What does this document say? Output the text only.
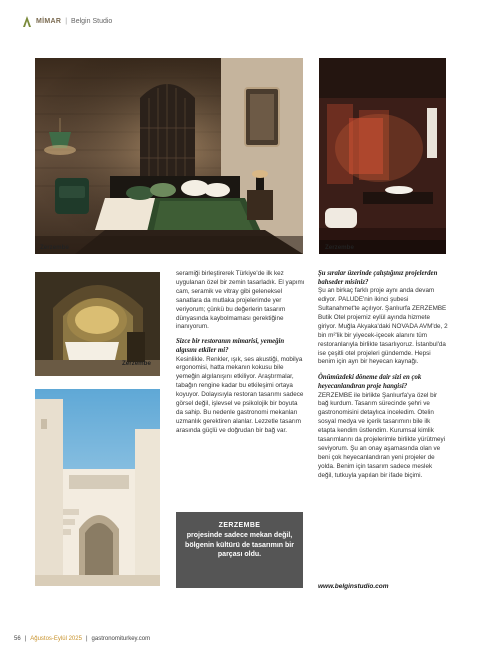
MİMAR | Belgin Studio
Zerzembe	Zerzembe
Zerzembe

seramiği birleştirerek Türkiye'de ilk kez uygulanan özel bir zemin tasarladık. El yapımı cam, seramik ve vitray gibi geleneksel sanatlara da mutlaka projelerimde yer veriyorum; çünkü bu değerlerin tasarım dünyasında kaybolmaması gerektiğine inanıyorum.

Sizce bir restoranın mimarisi, yemeğin algısını etkiler mi?

Kesinlikle. Renkler, ışık, ses akustiği, mobilya ergonomisi, hatta mekanın kokusu bile yemeğin algılanışını etkiliyor. Araştırmalar, tabağın rengine kadar bu etkileşimi ortaya koyuyor. Dolayısıyla restoran tasarımı sadece görsel değil, işlevsel ve psikolojik bir boyuta da sahip. Bu nedenle gastronomi mekanları uzmanlık gerektiren alanlar. Lezzetle tasarım arasında güçlü ve doğrudan bir bağ var.

ZERZEMBE
projesinde sadece mekan değil, bölgenin kültürü de tasarımın bir parçası oldu.

Şu sıralar üzerinde çalıştığınız projelerden bahseder misiniz?

Şu an birkaç farklı proje aynı anda devam ediyor. PALUDE'nin ikinci şubesi Sultanahmet'te açılıyor. Şanlıurfa ZERZEMBE Butik Otel projemiz eylül ayında hizmete giriyor. Muğla Akyaka'daki NOVADA AVM'de, 2 bin m²'lik bir yiyecek-içecek alanını tüm restoranlarıyla birlikte tasarlıyoruz. İstanbul'da ise çeşitli otel projeleri gündemde. Hepsi benim için ayrı bir heyecan kaynağı.

Önümüzdeki döneme dair sizi en çok heyecanlandıran proje hangisi?

ZERZEMBE ile birlikte Şanlıurfa'ya özel bir bağ kurdum. Tasarım sürecinde şehri ve gastronomisini detaylıca inceledim. Otelin sosyal medya ve içerik tasarımını bile ilk etapta kendim üstlendim. Kurumsal kimlik tasarımlarını da projelerimle birlikte yürütmeyi seviyorum. Şu an onay aşamasında olan ve beni çok heyecanlandıran yeni projeler de yolda. Benim için tasarım sadece meslek değil, tutkuyla yapılan bir ifade biçimi.

www.belginstudio.com
56 | Ağustos-Eylül 2025 | gastronomiturkey.com
